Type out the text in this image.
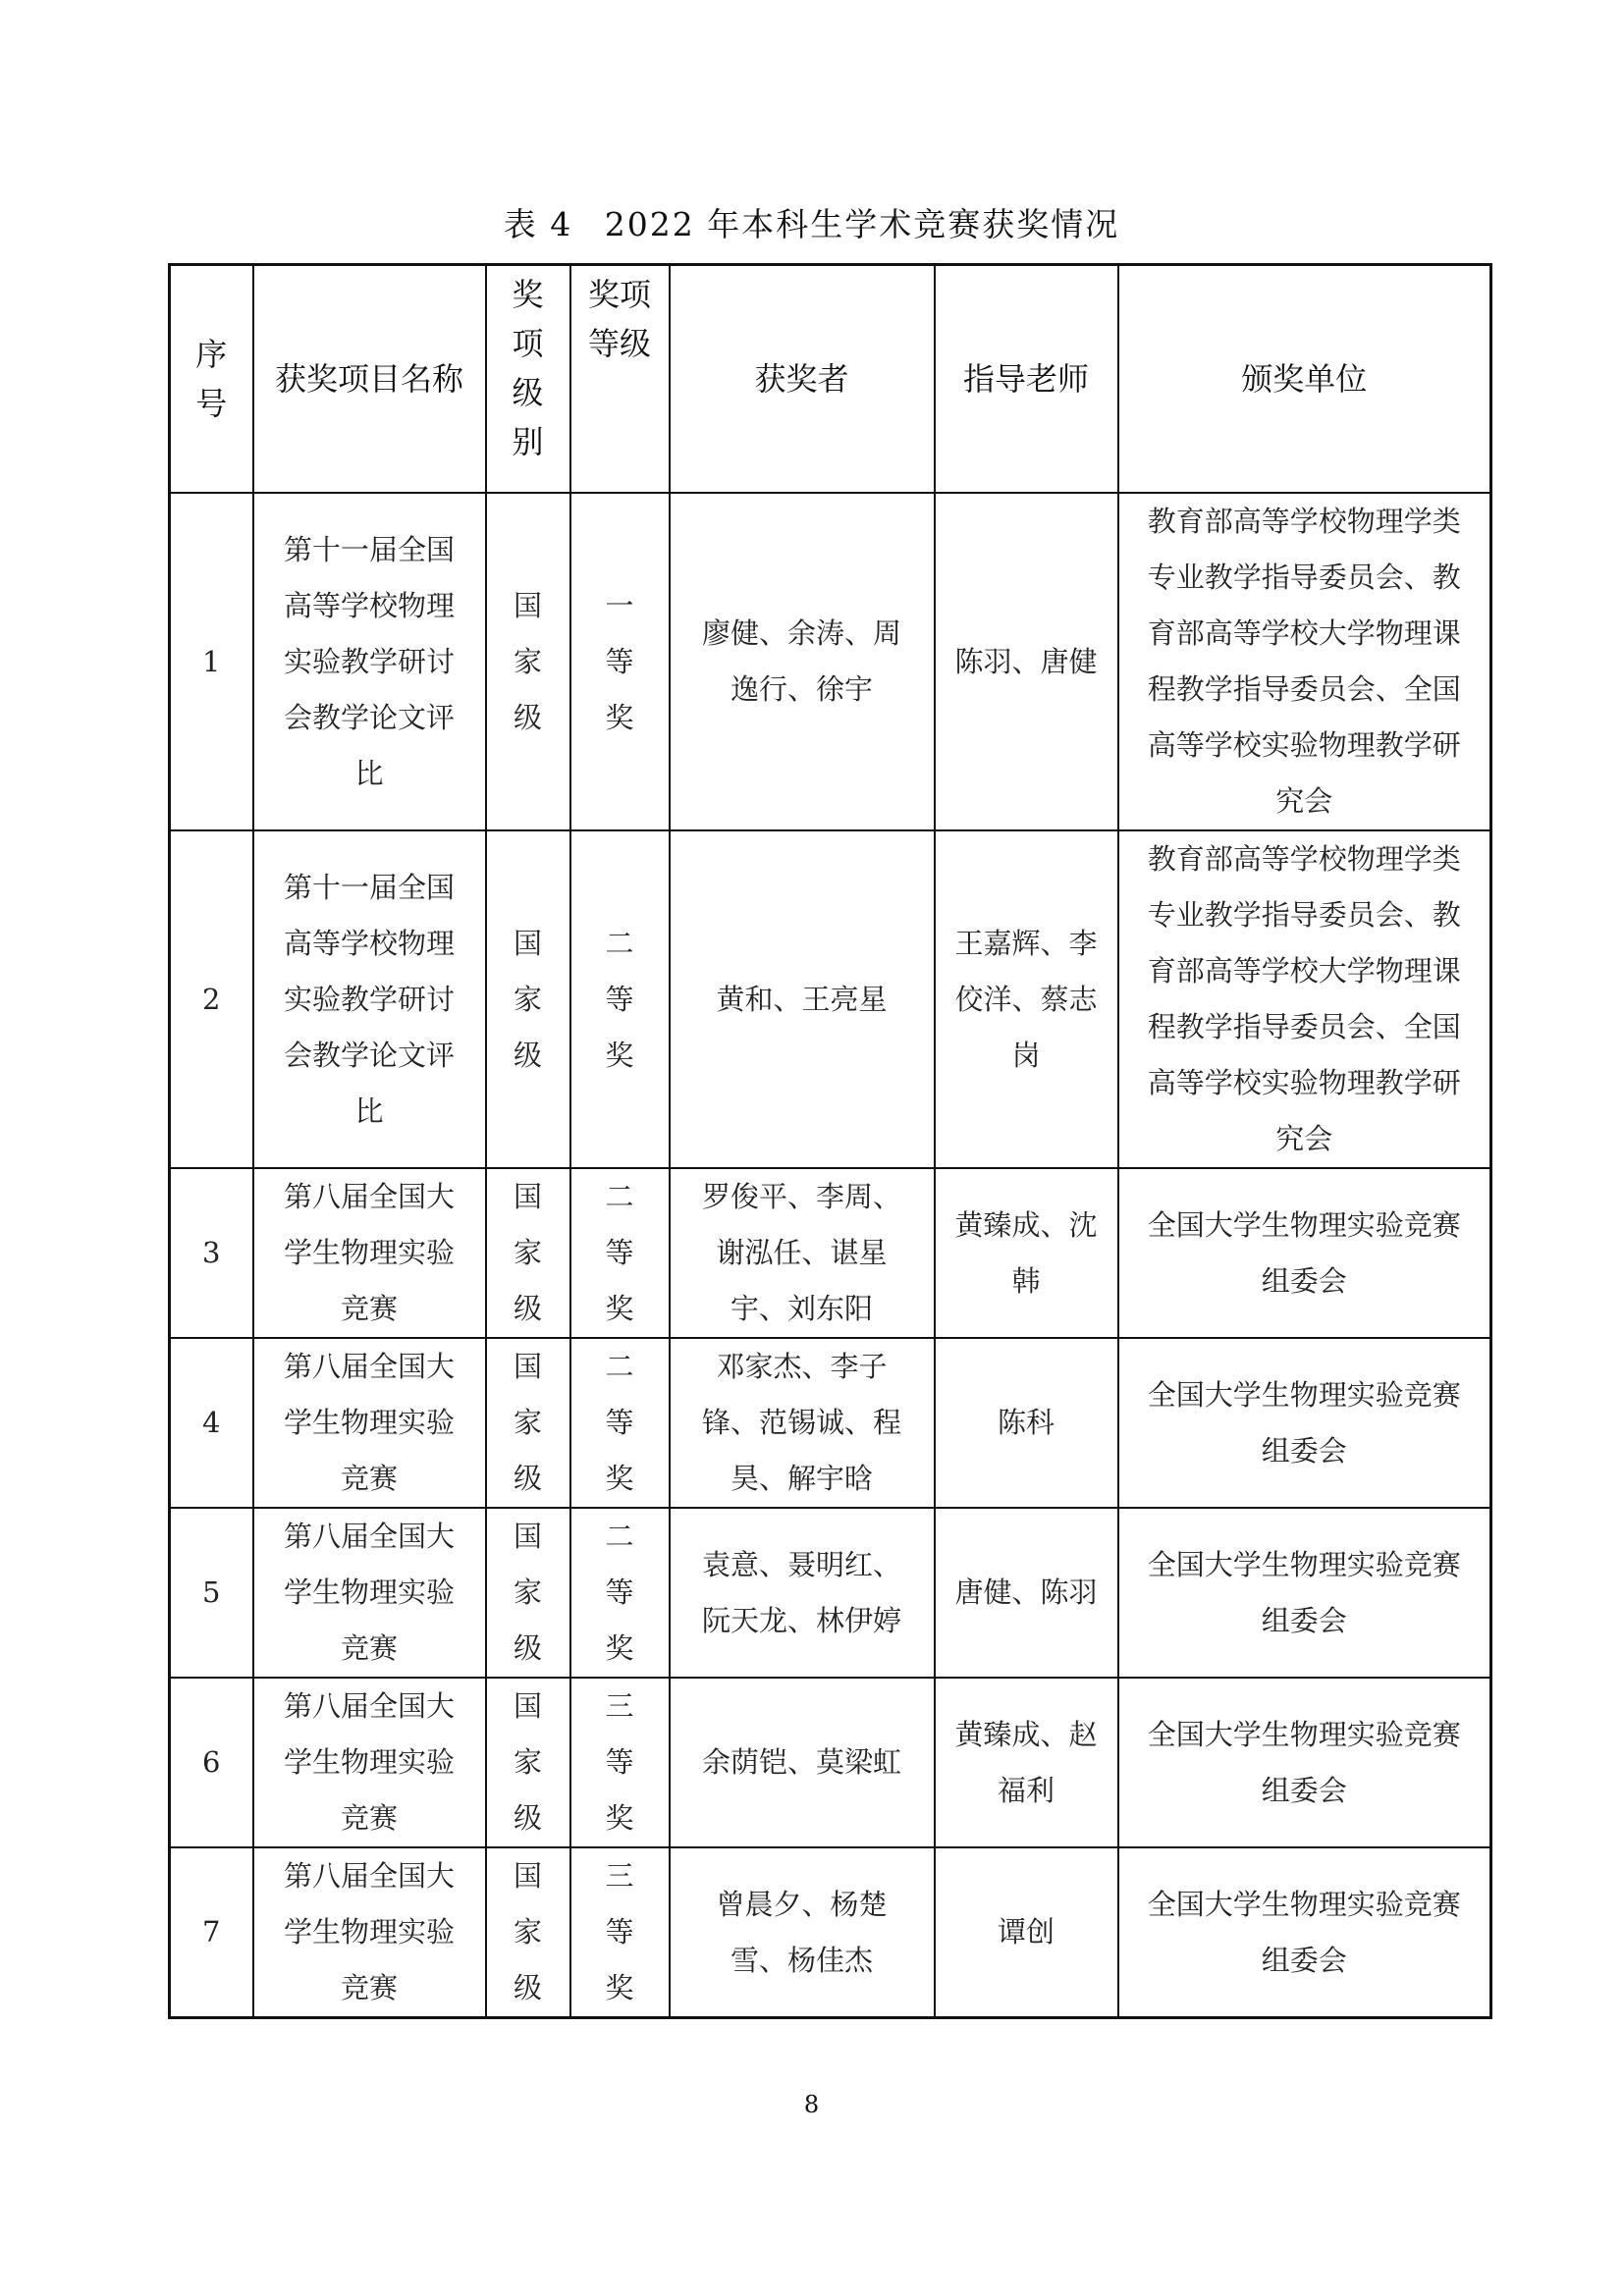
表 4 2022 年本科生学术竞赛获奖情况
序号	获奖项目名称	奖项级别	奖项等级	获奖者	指导老师	颁奖单位
1	第十一届全国高等学校物理实验教学研讨会教学论文评比	国家级	一等奖	廖健、余涛、周逸行、徐宇	陈羽、唐健	教育部高等学校物理学类专业教学指导委员会、教育部高等学校大学物理课程教学指导委员会、全国高等学校实验物理教学研究会
2	第十一届全国高等学校物理实验教学研讨会教学论文评比	国家级	二等奖	黄和、王亮星	王嘉辉、李佼洋、蔡志岗	教育部高等学校物理学类专业教学指导委员会、教育部高等学校大学物理课程教学指导委员会、全国高等学校实验物理教学研究会
3	第八届全国大学生物理实验竞赛	国家级	二等奖	罗俊平、李周、谢泓任、谌星宇、刘东阳	黄臻成、沈韩	全国大学生物理实验竞赛组委会
4	第八届全国大学生物理实验竞赛	国家级	二等奖	邓家杰、李子锋、范锡诚、程昊、解宇晗	陈科	全国大学生物理实验竞赛组委会
5	第八届全国大学生物理实验竞赛	国家级	二等奖	袁意、聂明红、阮天龙、林伊婷	唐健、陈羽	全国大学生物理实验竞赛组委会
6	第八届全国大学生物理实验竞赛	国家级	三等奖	余荫铠、莫梁虹	黄臻成、赵福利	全国大学生物理实验竞赛组委会
7	第八届全国大学生物理实验竞赛	国家级	三等奖	曾晨夕、杨楚雪、杨佳杰	谭创	全国大学生物理实验竞赛组委会
8
